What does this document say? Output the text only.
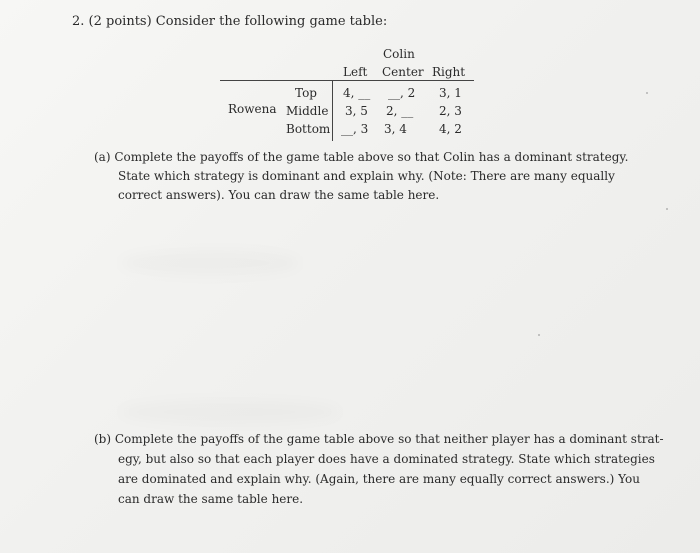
2. (2 points) Consider the following game table:
Colin
Left Center Right
Rowena
Top
Middle
Bottom
4, __ __, 2 3, 1
3, 5 2, __ 2, 3
__, 3 3, 4	4, 2
(a) Complete the payoffs of the game table above so that Colin has a dominant strategy.
State which strategy is dominant and explain why. (Note: There are many equally
correct answers). You can draw the same table here.
(b) Complete the payoffs of the game table above so that neither player has a dominant strat-
egy, but also so that each player does have a dominated strategy. State which strategies
are dominated and explain why. (Again, there are many equally correct answers.) You
can draw the same table here.
